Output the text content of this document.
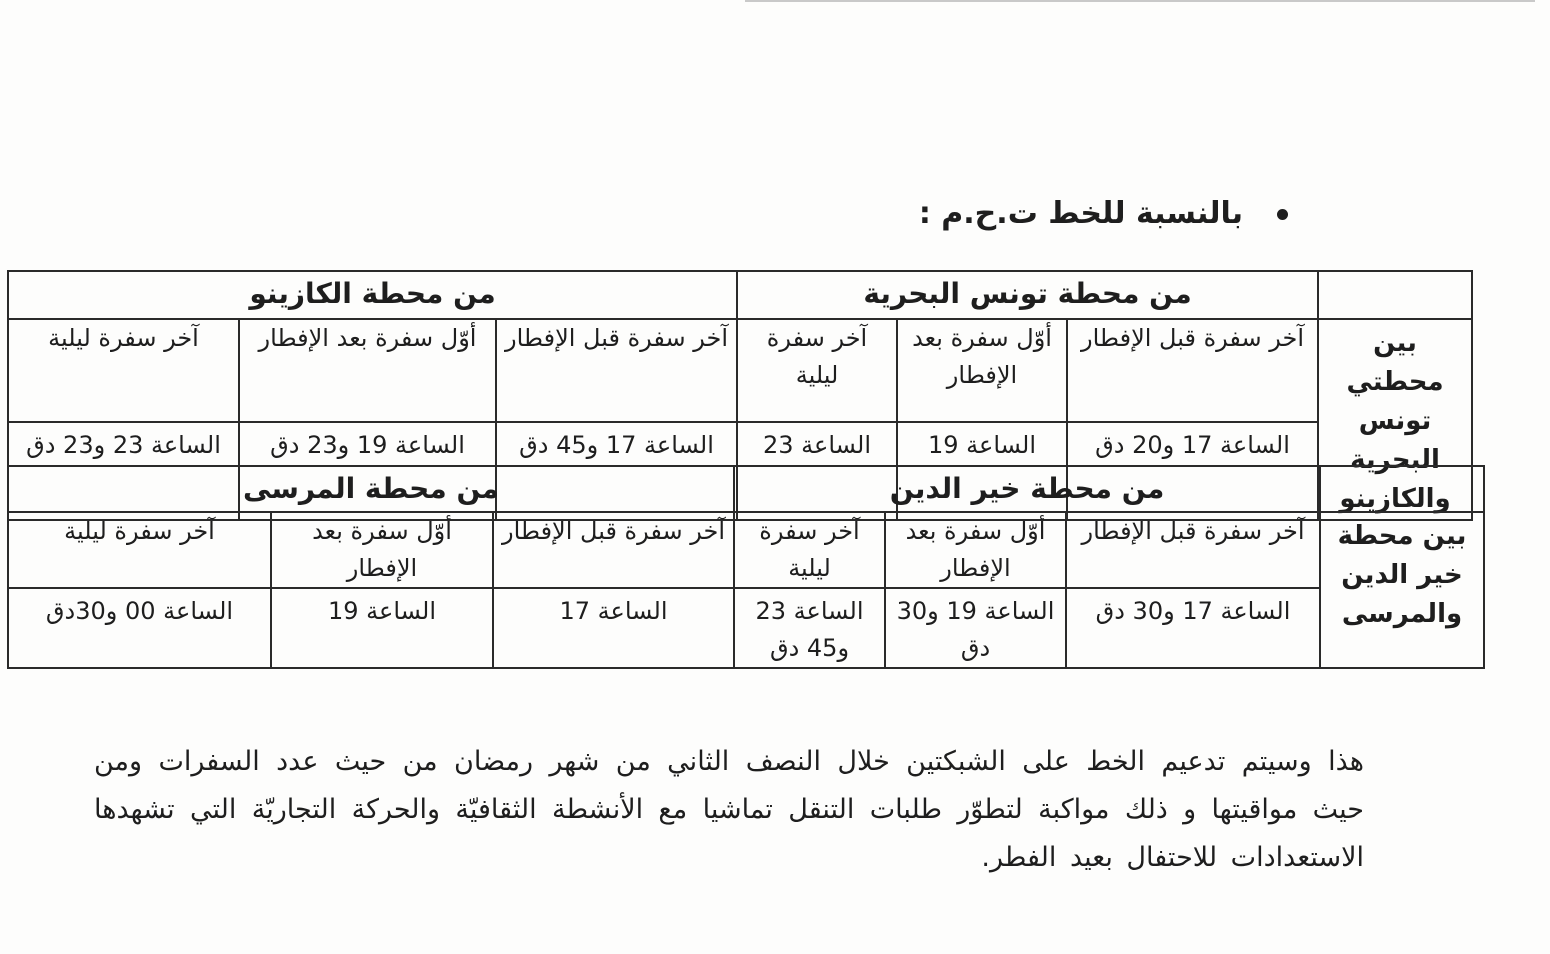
بالنسبة للخط ت.ح.م :
	من محطة تونس البحرية			من محطة الكازينو		
بين محطتي تونس البحرية والكازينو	آخر سفرة قبل الإفطار	أوّل سفرة بعد الإفطار	آخر سفرة ليلية	آخر سفرة قبل الإفطار	أوّل سفرة بعد الإفطار	آخر سفرة ليلية
	الساعة 17 و20 دق	الساعة 19	الساعة 23	الساعة 17 و45 دق	الساعة 19 و23 دق	الساعة 23 و23 دق
	من محطة خير الدين			من محطة المرسى		
بين محطة خير الدين والمرسى	آخر سفرة قبل الإفطار	أوّل سفرة بعد الإفطار	آخر سفرة ليلية	آخر سفرة قبل الإفطار	أوّل سفرة بعد الإفطار	آخر سفرة ليلية
	الساعة 17 و30 دق	الساعة 19 و30 دق	الساعة 23 و45 دق	الساعة 17	الساعة 19	الساعة 00 و30دق
هذا وسيتم تدعيم الخط على الشبكتين خلال النصف الثاني من شهر رمضان من حيث عدد السفرات ومن حيث مواقيتها و ذلك مواكبة لتطوّر طلبات التنقل تماشيا مع الأنشطة الثقافيّة والحركة التجاريّة التي تشهدها الاستعدادات للاحتفال بعيد الفطر.
